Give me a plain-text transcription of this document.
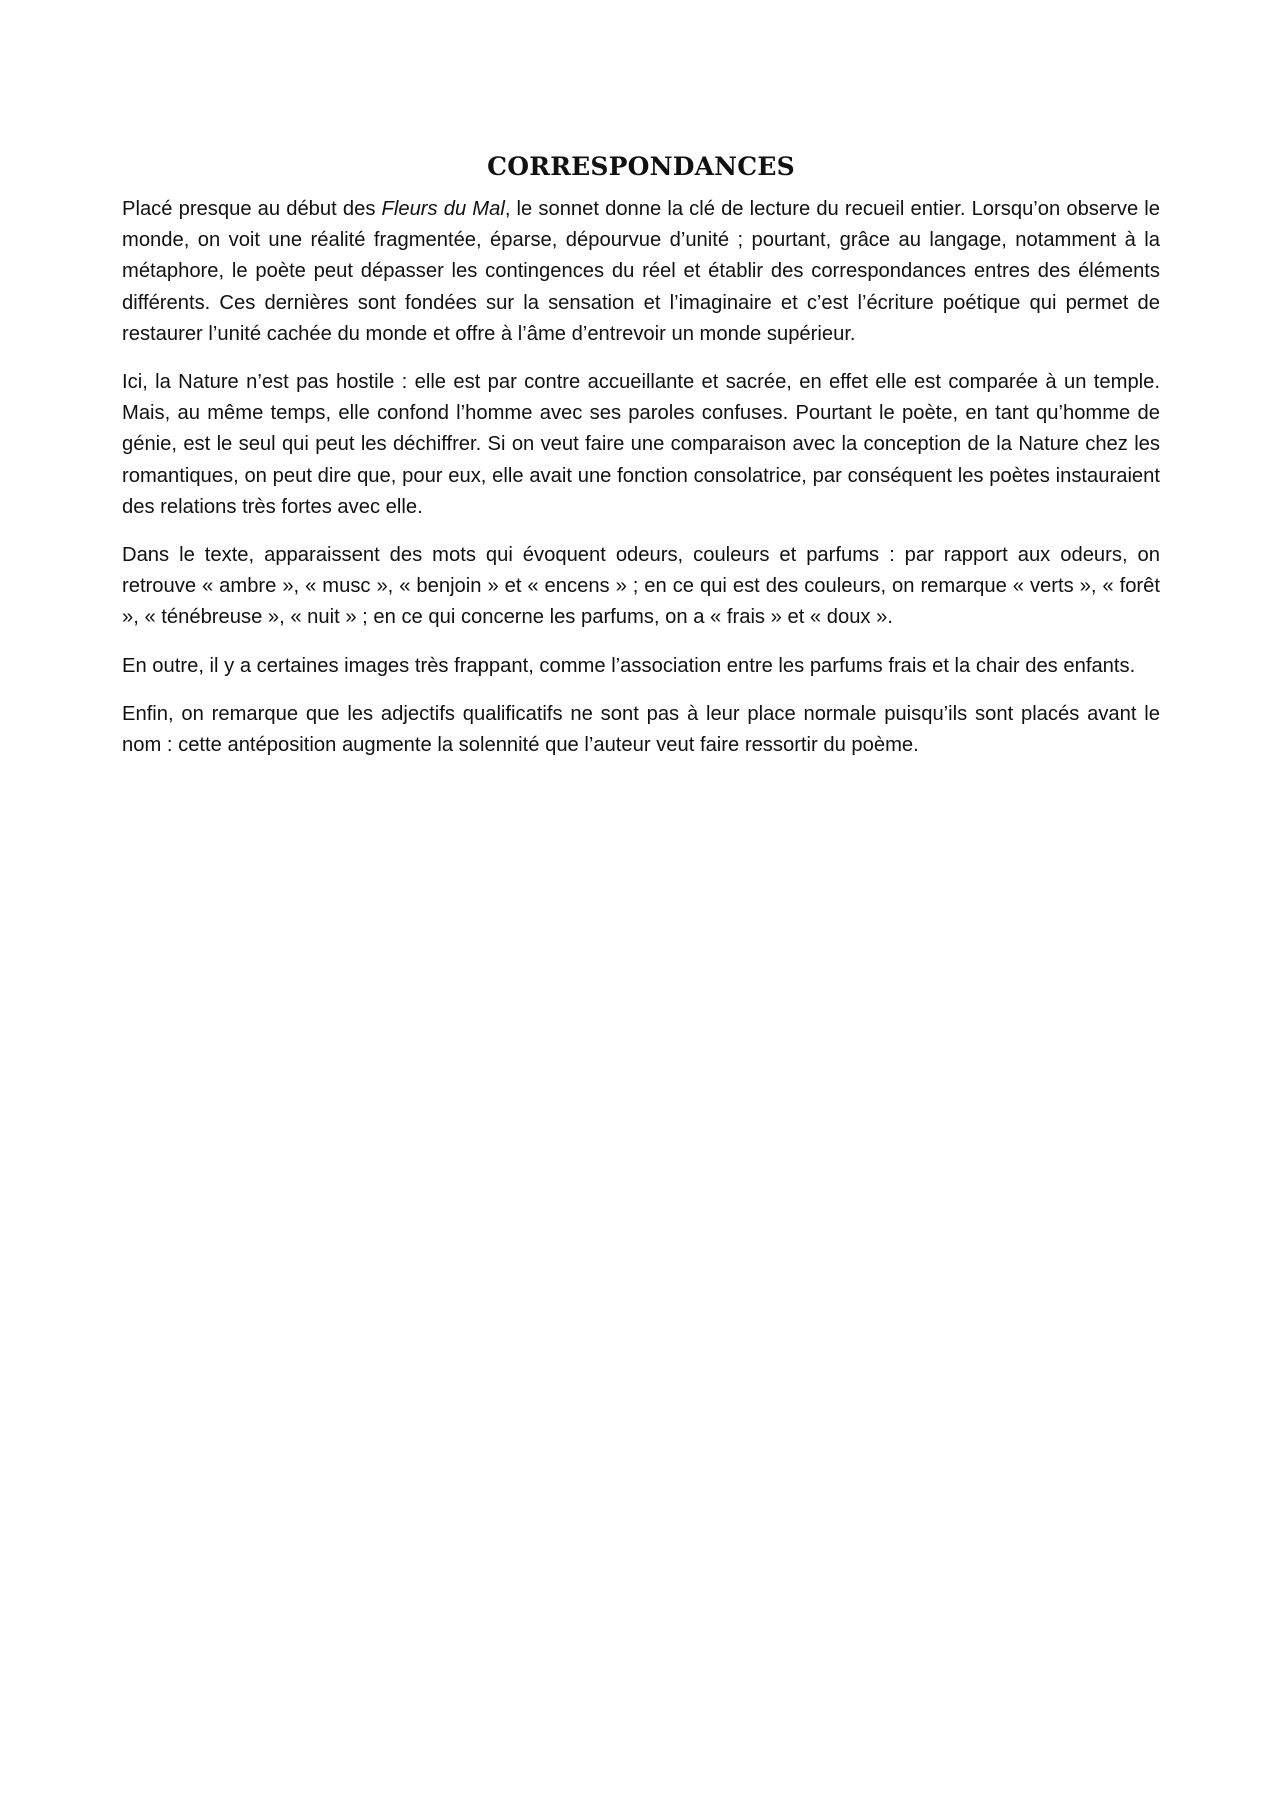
CORRESPONDANCES

Placé presque au début des Fleurs du Mal, le sonnet donne la clé de lecture du recueil entier. Lorsqu’on observe le monde, on voit une réalité fragmentée, éparse, dépourvue d’unité ; pourtant, grâce au langage, notamment à la métaphore, le poète peut dépasser les contingences du réel et établir des correspondances entres des éléments différents. Ces dernières sont fondées sur la sensation et l’imaginaire et c’est l’écriture poétique qui permet de restaurer l’unité cachée du monde et offre à l’âme d’entrevoir un monde supérieur.

Ici, la Nature n’est pas hostile : elle est par contre accueillante et sacrée, en effet elle est comparée à un temple. Mais, au même temps, elle confond l’homme avec ses paroles confuses. Pourtant le poète, en tant qu’homme de génie, est le seul qui peut les déchiffrer. Si on veut faire une comparaison avec la conception de la Nature chez les romantiques, on peut dire que, pour eux, elle avait une fonction consolatrice, par conséquent les poètes instauraient des relations très fortes avec elle.

Dans le texte, apparaissent des mots qui évoquent odeurs, couleurs et parfums : par rapport aux odeurs, on retrouve « ambre », « musc », « benjoin » et « encens » ; en ce qui est des couleurs, on remarque « verts », « forêt », « ténébreuse », « nuit » ; en ce qui concerne les parfums, on a « frais » et « doux ».

En outre, il y a certaines images très frappant, comme l’association entre les parfums frais et la chair des enfants.

Enfin, on remarque que les adjectifs qualificatifs ne sont pas à leur place normale puisqu’ils sont placés avant le nom : cette antéposition augmente la solennité que l’auteur veut faire ressortir du poème.
